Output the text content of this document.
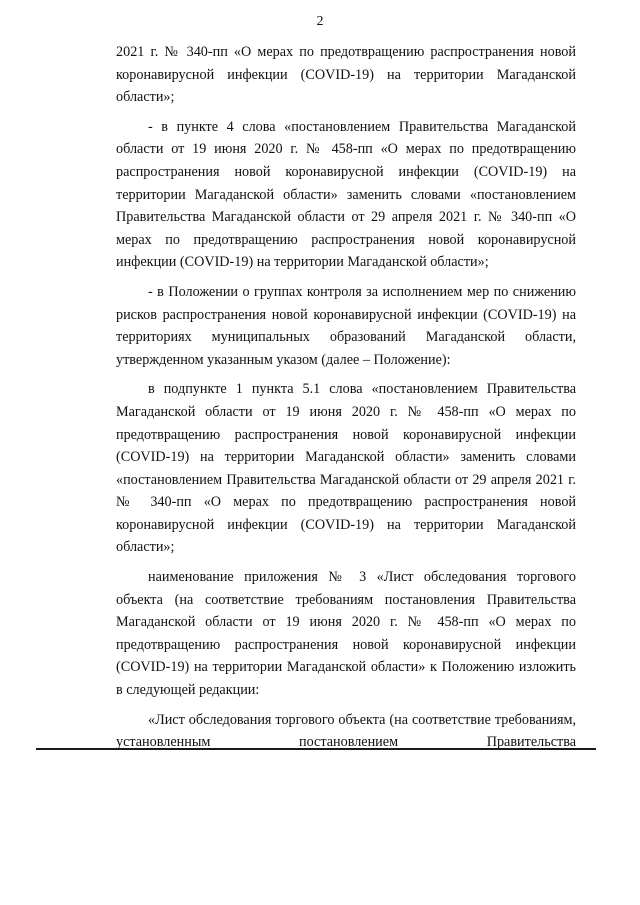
2

2021 г. № 340-пп «О мерах по предотвращению распространения новой коронавирусной инфекции (COVID-19) на территории Магаданской области»;

- в пункте 4 слова «постановлением Правительства Магаданской области от 19 июня 2020 г. № 458-пп «О мерах по предотвращению распространения новой коронавирусной инфекции (COVID-19) на территории Магаданской области» заменить словами «постановлением Правительства Магаданской области от 29 апреля 2021 г. № 340-пп «О мерах по предотвращению распространения новой коронавирусной инфекции (COVID-19) на территории Магаданской области»;

- в Положении о группах контроля за исполнением мер по снижению рисков распространения новой коронавирусной инфекции (COVID-19) на территориях муниципальных образований Магаданской области, утвержденном указанным указом (далее – Положение):

в подпункте 1 пункта 5.1 слова «постановлением Правительства Магаданской области от 19 июня 2020 г. № 458-пп «О мерах по предотвращению распространения новой коронавирусной инфекции (COVID-19) на территории Магаданской области» заменить словами «постановлением Правительства Магаданской области от 29 апреля 2021 г. № 340-пп «О мерах по предотвращению распространения новой коронавирусной инфекции (COVID-19) на территории Магаданской области»;

наименование приложения № 3 «Лист обследования торгового объекта (на соответствие требованиям постановления Правительства Магаданской области от 19 июня 2020 г. № 458-пп «О мерах по предотвращению распространения новой коронавирусной инфекции (COVID-19) на территории Магаданской области» к Положению изложить в следующей редакции:

«Лист обследования торгового объекта (на соответствие требованиям, установленным постановлением Правительства
